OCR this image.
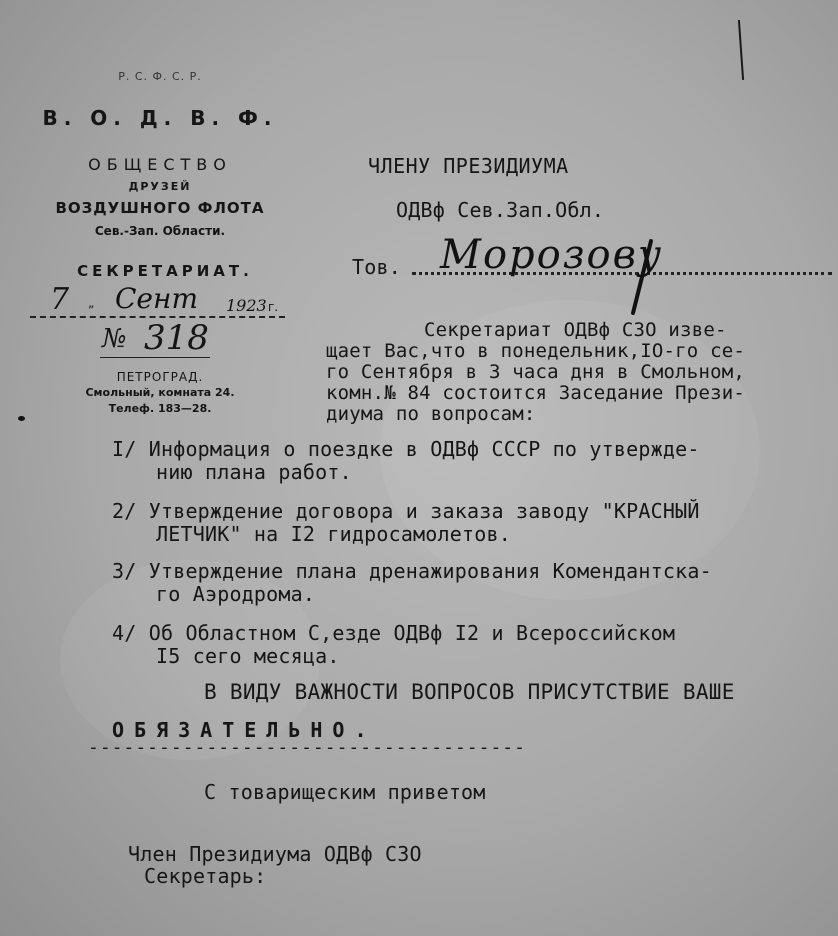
Р. С. Ф. С. Р.
В. О. Д. В. Ф.
ОБЩЕСТВО
ДРУЗЕЙ
ВОЗДУШНОГО ФЛОТА
Сев.-Зап. Области.
СЕКРЕТАРИАТ.
7 „ Сент 1923 г.
№ 318
ПЕТРОГРАД.
Смольный, комната 24.
Телеф. 183—28.
ЧЛЕНУ ПРЕЗИДИУМА
ОДВф Сев.Зап.Обл.
Тов. Морозову
Секретариат ОДВф СЗО изве-
щает Вас,что в понедельник,IO-го се-
го Сентября в 3 часа дня в Смольном,
комн.№ 84 состоится Заседание Прези-
диума по вопросам:
I/ Информация о поездке в ОДВф СССР по утвержде-
нию плана работ.
2/ Утверждение договора и заказа заводу "КРАСНЫЙ
ЛЕТЧИК" на I2 гидросамолетов.
3/ Утверждение плана дренажирования Комендантска-
го Аэродрома.
4/ Об Областном С,езде ОДВф I2 и Всероссийском
I5 сего месяца.
В ВИДУ ВАЖНОСТИ ВОПРОСОВ ПРИСУТСТВИЕ ВАШЕ
ОБЯЗАТЕЛЬНО.
-------------------------------------
С товарищеским приветом
Член Президиума ОДВф СЗО
Секретарь:
